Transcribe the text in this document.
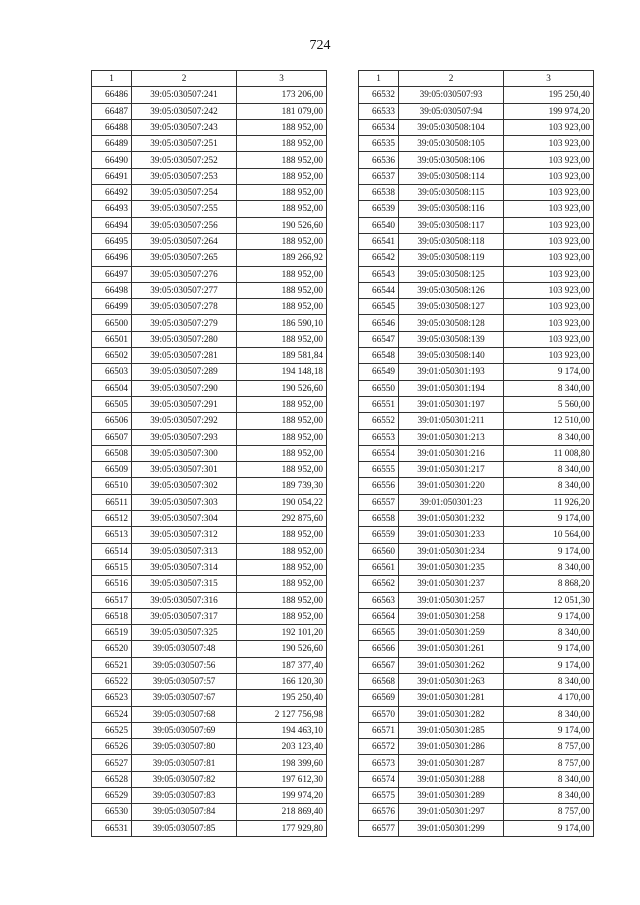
724
1	2	3
66486	39:05:030507:241	173 206,00
66487	39:05:030507:242	181 079,00
66488	39:05:030507:243	188 952,00
66489	39:05:030507:251	188 952,00
66490	39:05:030507:252	188 952,00
66491	39:05:030507:253	188 952,00
66492	39:05:030507:254	188 952,00
66493	39:05:030507:255	188 952,00
66494	39:05:030507:256	190 526,60
66495	39:05:030507:264	188 952,00
66496	39:05:030507:265	189 266,92
66497	39:05:030507:276	188 952,00
66498	39:05:030507:277	188 952,00
66499	39:05:030507:278	188 952,00
66500	39:05:030507:279	186 590,10
66501	39:05:030507:280	188 952,00
66502	39:05:030507:281	189 581,84
66503	39:05:030507:289	194 148,18
66504	39:05:030507:290	190 526,60
66505	39:05:030507:291	188 952,00
66506	39:05:030507:292	188 952,00
66507	39:05:030507:293	188 952,00
66508	39:05:030507:300	188 952,00
66509	39:05:030507:301	188 952,00
66510	39:05:030507:302	189 739,30
66511	39:05:030507:303	190 054,22
66512	39:05:030507:304	292 875,60
66513	39:05:030507:312	188 952,00
66514	39:05:030507:313	188 952,00
66515	39:05:030507:314	188 952,00
66516	39:05:030507:315	188 952,00
66517	39:05:030507:316	188 952,00
66518	39:05:030507:317	188 952,00
66519	39:05:030507:325	192 101,20
66520	39:05:030507:48	190 526,60
66521	39:05:030507:56	187 377,40
66522	39:05:030507:57	166 120,30
66523	39:05:030507:67	195 250,40
66524	39:05:030507:68	2 127 756,98
66525	39:05:030507:69	194 463,10
66526	39:05:030507:80	203 123,40
66527	39:05:030507:81	198 399,60
66528	39:05:030507:82	197 612,30
66529	39:05:030507:83	199 974,20
66530	39:05:030507:84	218 869,40
66531	39:05:030507:85	177 929,80
1	2	3
66532	39:05:030507:93	195 250,40
66533	39:05:030507:94	199 974,20
66534	39:05:030508:104	103 923,00
66535	39:05:030508:105	103 923,00
66536	39:05:030508:106	103 923,00
66537	39:05:030508:114	103 923,00
66538	39:05:030508:115	103 923,00
66539	39:05:030508:116	103 923,00
66540	39:05:030508:117	103 923,00
66541	39:05:030508:118	103 923,00
66542	39:05:030508:119	103 923,00
66543	39:05:030508:125	103 923,00
66544	39:05:030508:126	103 923,00
66545	39:05:030508:127	103 923,00
66546	39:05:030508:128	103 923,00
66547	39:05:030508:139	103 923,00
66548	39:05:030508:140	103 923,00
66549	39:01:050301:193	9 174,00
66550	39:01:050301:194	8 340,00
66551	39:01:050301:197	5 560,00
66552	39:01:050301:211	12 510,00
66553	39:01:050301:213	8 340,00
66554	39:01:050301:216	11 008,80
66555	39:01:050301:217	8 340,00
66556	39:01:050301:220	8 340,00
66557	39:01:050301:23	11 926,20
66558	39:01:050301:232	9 174,00
66559	39:01:050301:233	10 564,00
66560	39:01:050301:234	9 174,00
66561	39:01:050301:235	8 340,00
66562	39:01:050301:237	8 868,20
66563	39:01:050301:257	12 051,30
66564	39:01:050301:258	9 174,00
66565	39:01:050301:259	8 340,00
66566	39:01:050301:261	9 174,00
66567	39:01:050301:262	9 174,00
66568	39:01:050301:263	8 340,00
66569	39:01:050301:281	4 170,00
66570	39:01:050301:282	8 340,00
66571	39:01:050301:285	9 174,00
66572	39:01:050301:286	8 757,00
66573	39:01:050301:287	8 757,00
66574	39:01:050301:288	8 340,00
66575	39:01:050301:289	8 340,00
66576	39:01:050301:297	8 757,00
66577	39:01:050301:299	9 174,00
